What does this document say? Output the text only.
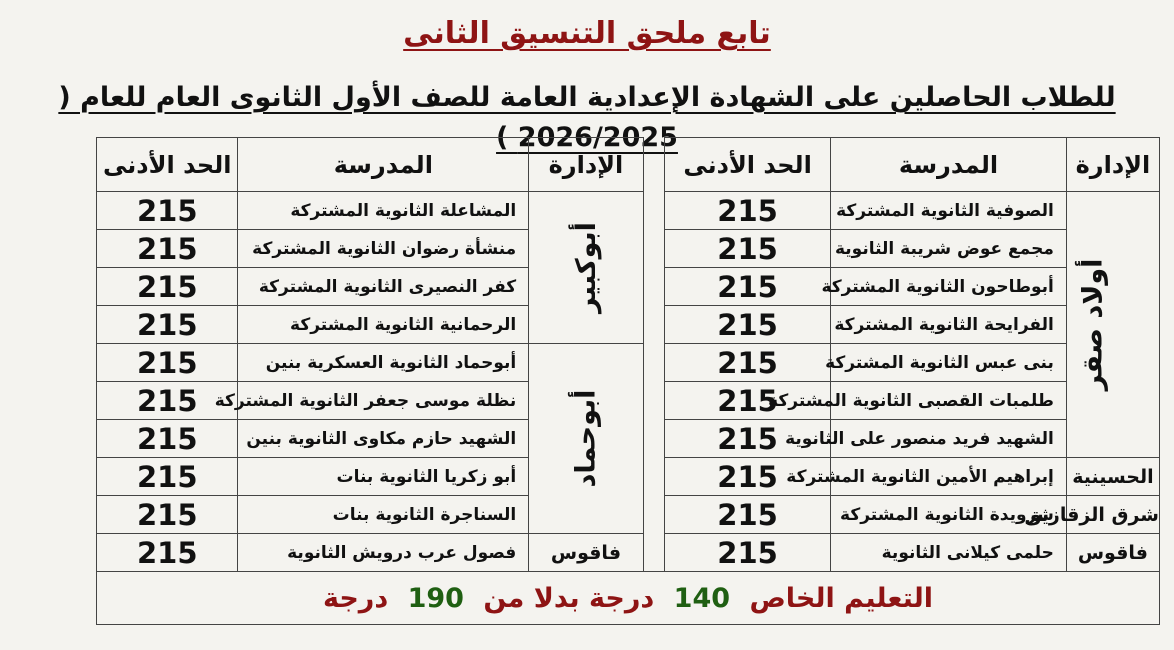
تابع ملحق التنسيق الثانى
للطلاب الحاصلين على الشهادة الإعدادية العامة للصف الأول الثانوى العام للعام ( 2026/2025 )
الإدارة	المدرسة	الحد الأدنى		الإدارة	المدرسة	الحد الأدنى
أولاد صقر	الصوفية الثانوية المشتركة	215		أبوكبير	المشاعلة الثانوية المشتركة	215
	مجمع عوض شريبة الثانوية	215			منشأة رضوان الثانوية المشتركة	215
	أبوطاحون الثانوية المشتركة	215			كفر النصيرى الثانوية المشتركة	215
	الفرايحة الثانوية المشتركة	215			الرحمانية الثانوية المشتركة	215
	بنى عبس الثانوية المشتركة	215		أبوحماد	أبوحماد الثانوية العسكرية بنين	215
	طلمبات القصبى الثانوية المشتركة	215			نظلة موسى جعفر الثانوية المشتركة	215
	الشهيد فريد منصور على الثانوية	215			الشهيد حازم مكاوى الثانوية بنين	215
الحسينية	إبراهيم الأمين الثانوية المشتركة	215			أبو زكريا الثانوية بنات	215
شرق الزقازيق	شرويدة الثانوية المشتركة	215			السناجرة الثانوية بنات	215
فاقوس	حلمى كيلانى الثانوية	215		فاقوس	فصول عرب درويش الثانوية	215
التعليم الخاص 140 درجة بدلا من 190 درجة						
